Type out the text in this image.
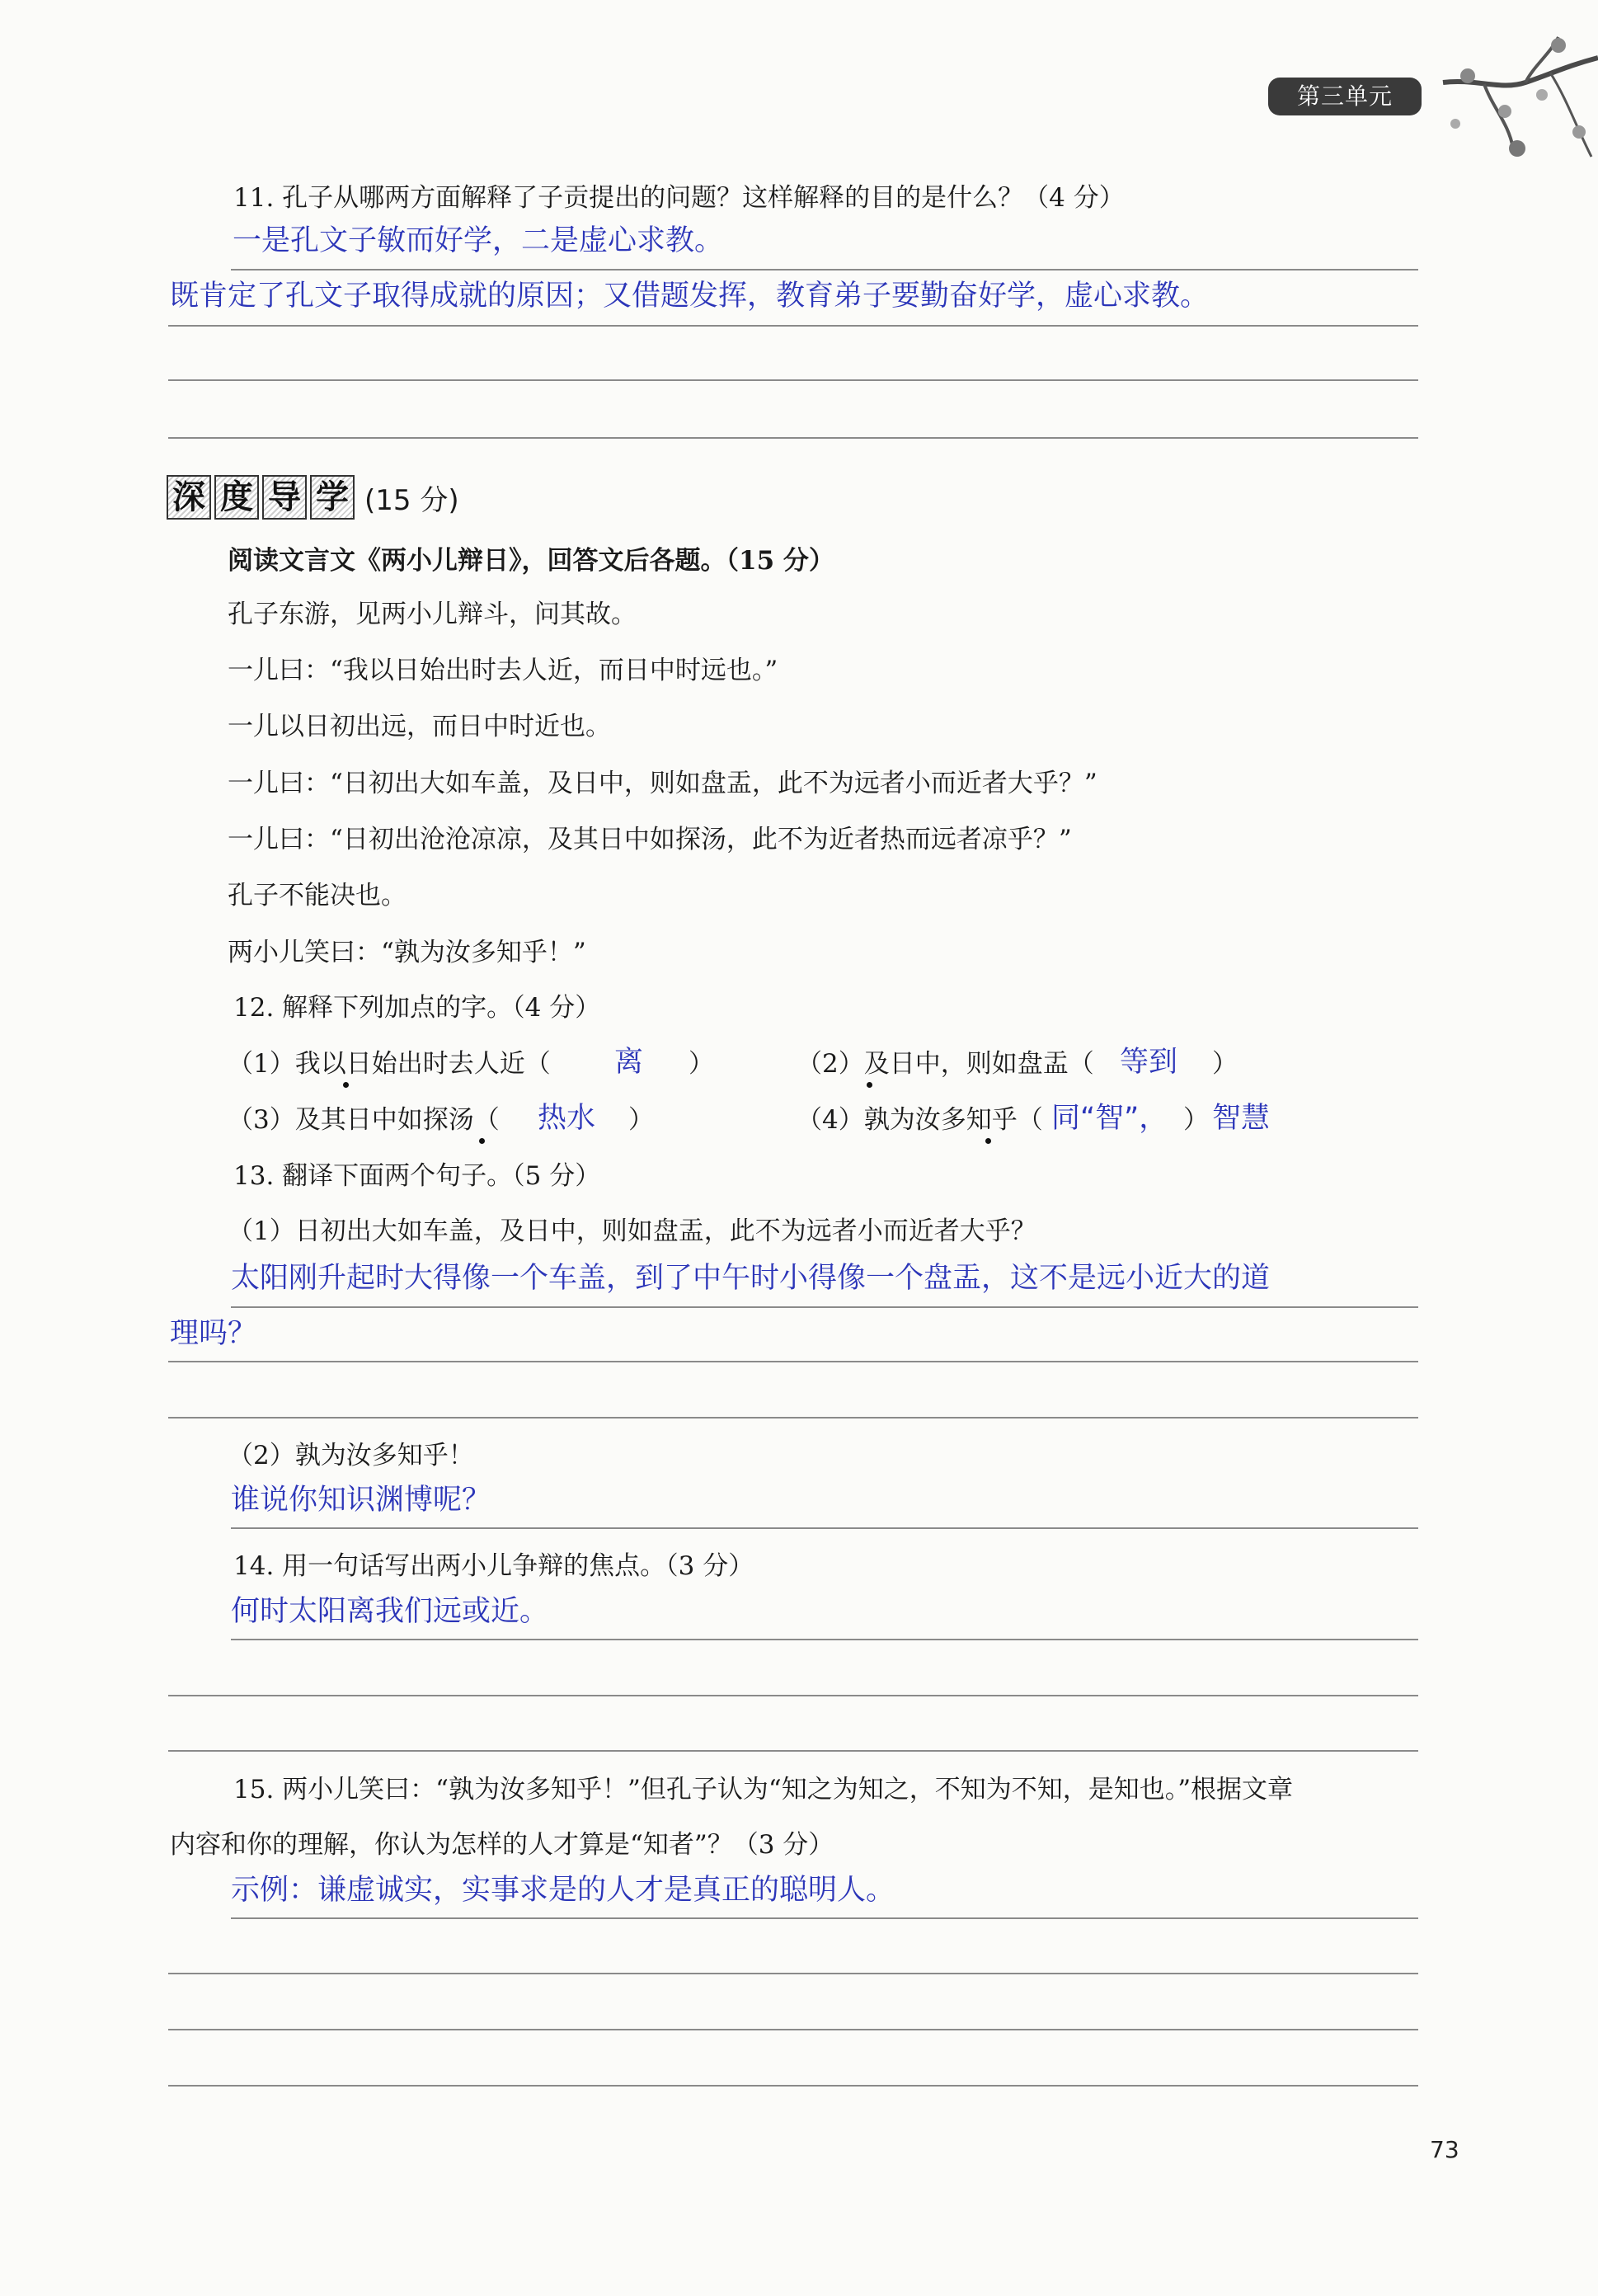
第三单元
11. 孔子从哪两方面解释了子贡提出的问题？这样解释的目的是什么？（4 分）
一是孔文子敏而好学，二是虚心求教。
既肯定了孔文子取得成就的原因；又借题发挥，教育弟子要勤奋好学，虚心求教。
深 度 导 学 (15 分)
阅读文言文《两小儿辩日》，回答文后各题。（15 分）
孔子东游，见两小儿辩斗，问其故。
一儿曰：“我以日始出时去人近，而日中时远也。”
一儿以日初出远，而日中时近也。
一儿曰：“日初出大如车盖，及日中，则如盘盂，此不为远者小而近者大乎？”
一儿曰：“日初出沧沧凉凉，及其日中如探汤，此不为近者热而远者凉乎？”
孔子不能决也。
两小儿笑曰：“孰为汝多知乎！”
12. 解释下列加点的字。（4 分）
（1）我以日始出时去人近（ 离 ）	（2）及日中，则如盘盂（ 等到 ）
（3）及其日中如探汤（ 热水 ）	（4）孰为汝多知乎（ 同“智”， ） 智慧
13. 翻译下面两个句子。（5 分）
（1）日初出大如车盖，及日中，则如盘盂，此不为远者小而近者大乎？
太阳刚升起时大得像一个车盖，到了中午时小得像一个盘盂，这不是远小近大的道
理吗？
（2）孰为汝多知乎！
谁说你知识渊博呢？
14. 用一句话写出两小儿争辩的焦点。（3 分）
何时太阳离我们远或近。
15. 两小儿笑曰：“孰为汝多知乎！”但孔子认为“知之为知之，不知为不知，是知也。”根据文章
内容和你的理解，你认为怎样的人才算是“知者”？（3 分）
示例：谦虚诚实，实事求是的人才是真正的聪明人。
73
